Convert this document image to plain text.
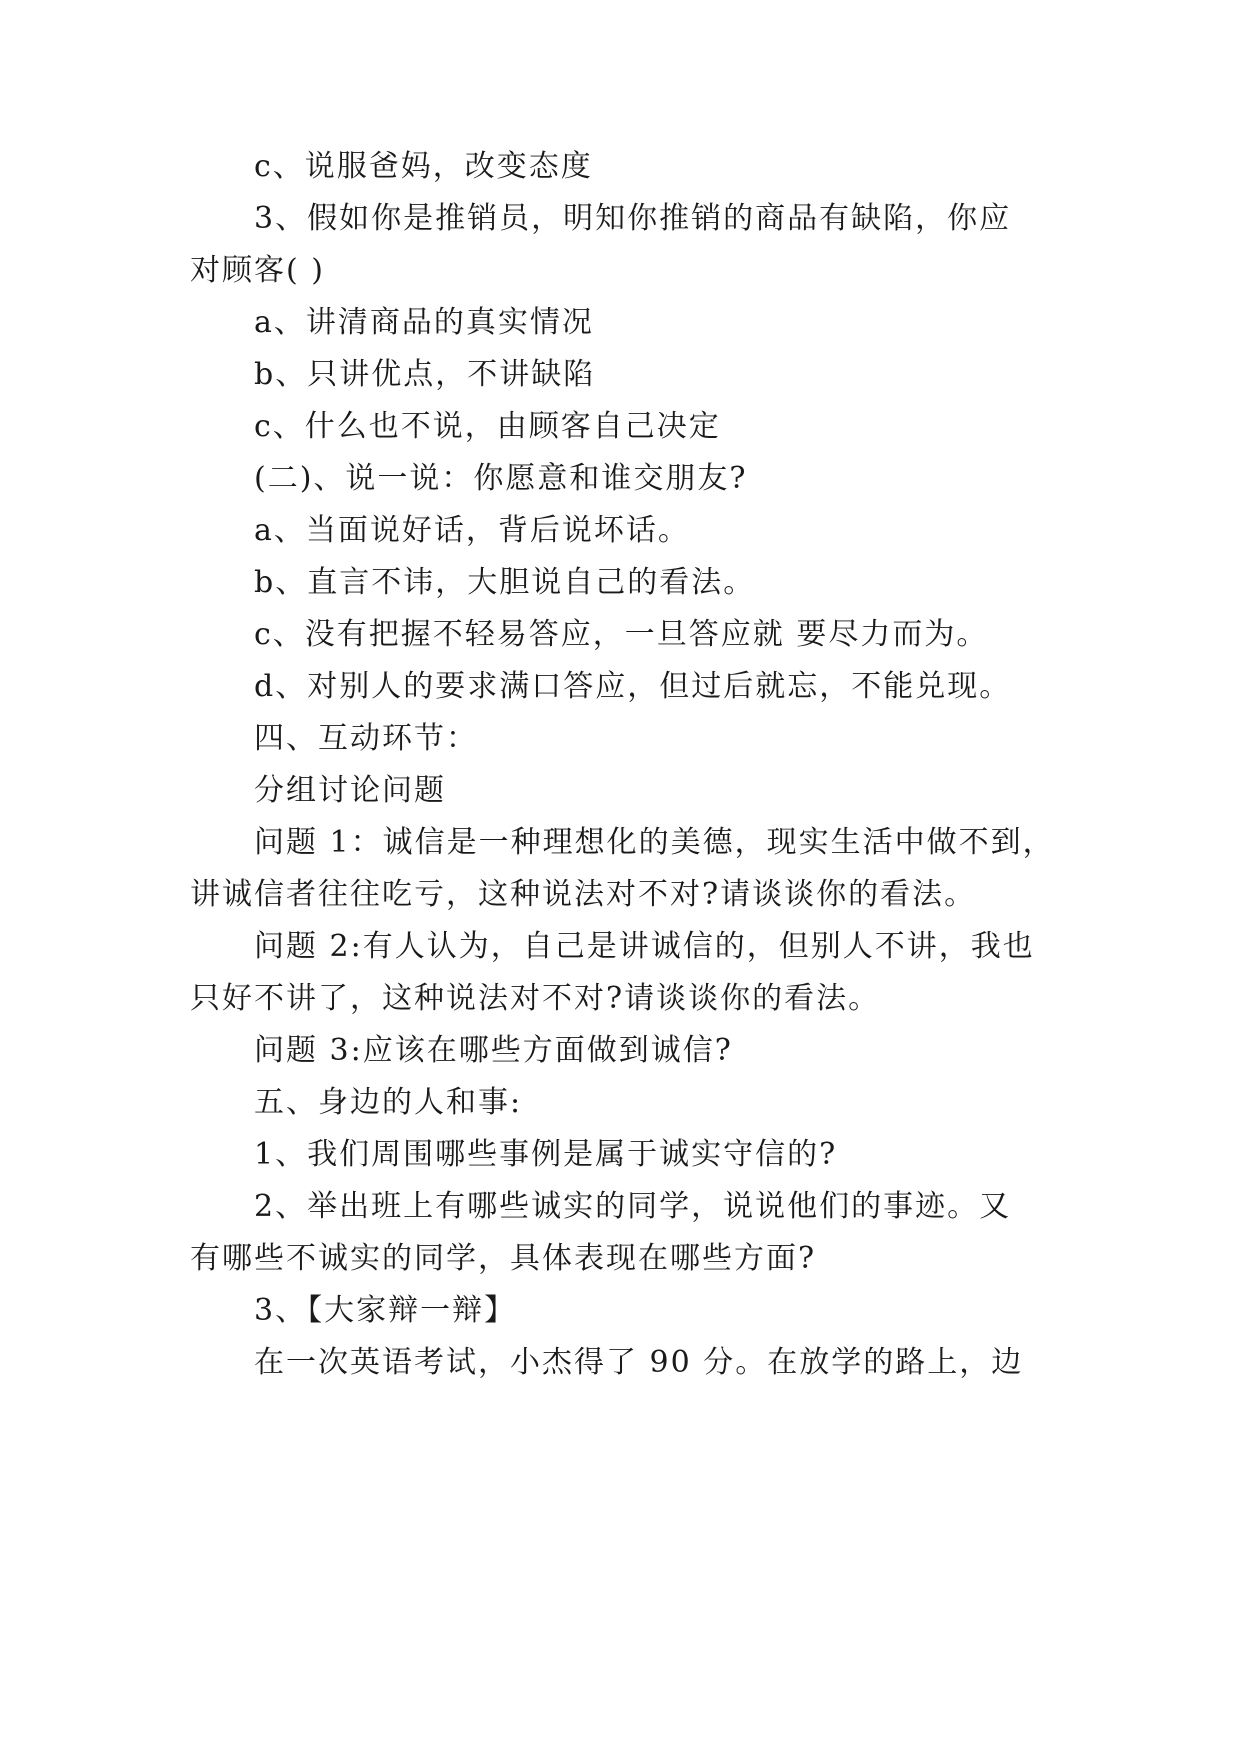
c、说服爸妈，改变态度
3、假如你是推销员，明知你推销的商品有缺陷，你应
对顾客( )
a、讲清商品的真实情况
b、只讲优点，不讲缺陷
c、什么也不说，由顾客自己决定
(二)、说一说：你愿意和谁交朋友?
a、当面说好话，背后说坏话。
b、直言不讳，大胆说自己的看法。
c、没有把握不轻易答应，一旦答应就 要尽力而为。
d、对别人的要求满口答应，但过后就忘，不能兑现。
四、互动环节：
分组讨论问题
问题 1：诚信是一种理想化的美德，现实生活中做不到，
讲诚信者往往吃亏，这种说法对不对?请谈谈你的看法。
问题 2:有人认为，自己是讲诚信的，但别人不讲，我也
只好不讲了，这种说法对不对?请谈谈你的看法。
问题 3:应该在哪些方面做到诚信?
五、身边的人和事:
1、我们周围哪些事例是属于诚实守信的?
2、举出班上有哪些诚实的同学，说说他们的事迹。又
有哪些不诚实的同学，具体表现在哪些方面?
3、【大家辩一辩】
在一次英语考试，小杰得了 90 分。在放学的路上，边
